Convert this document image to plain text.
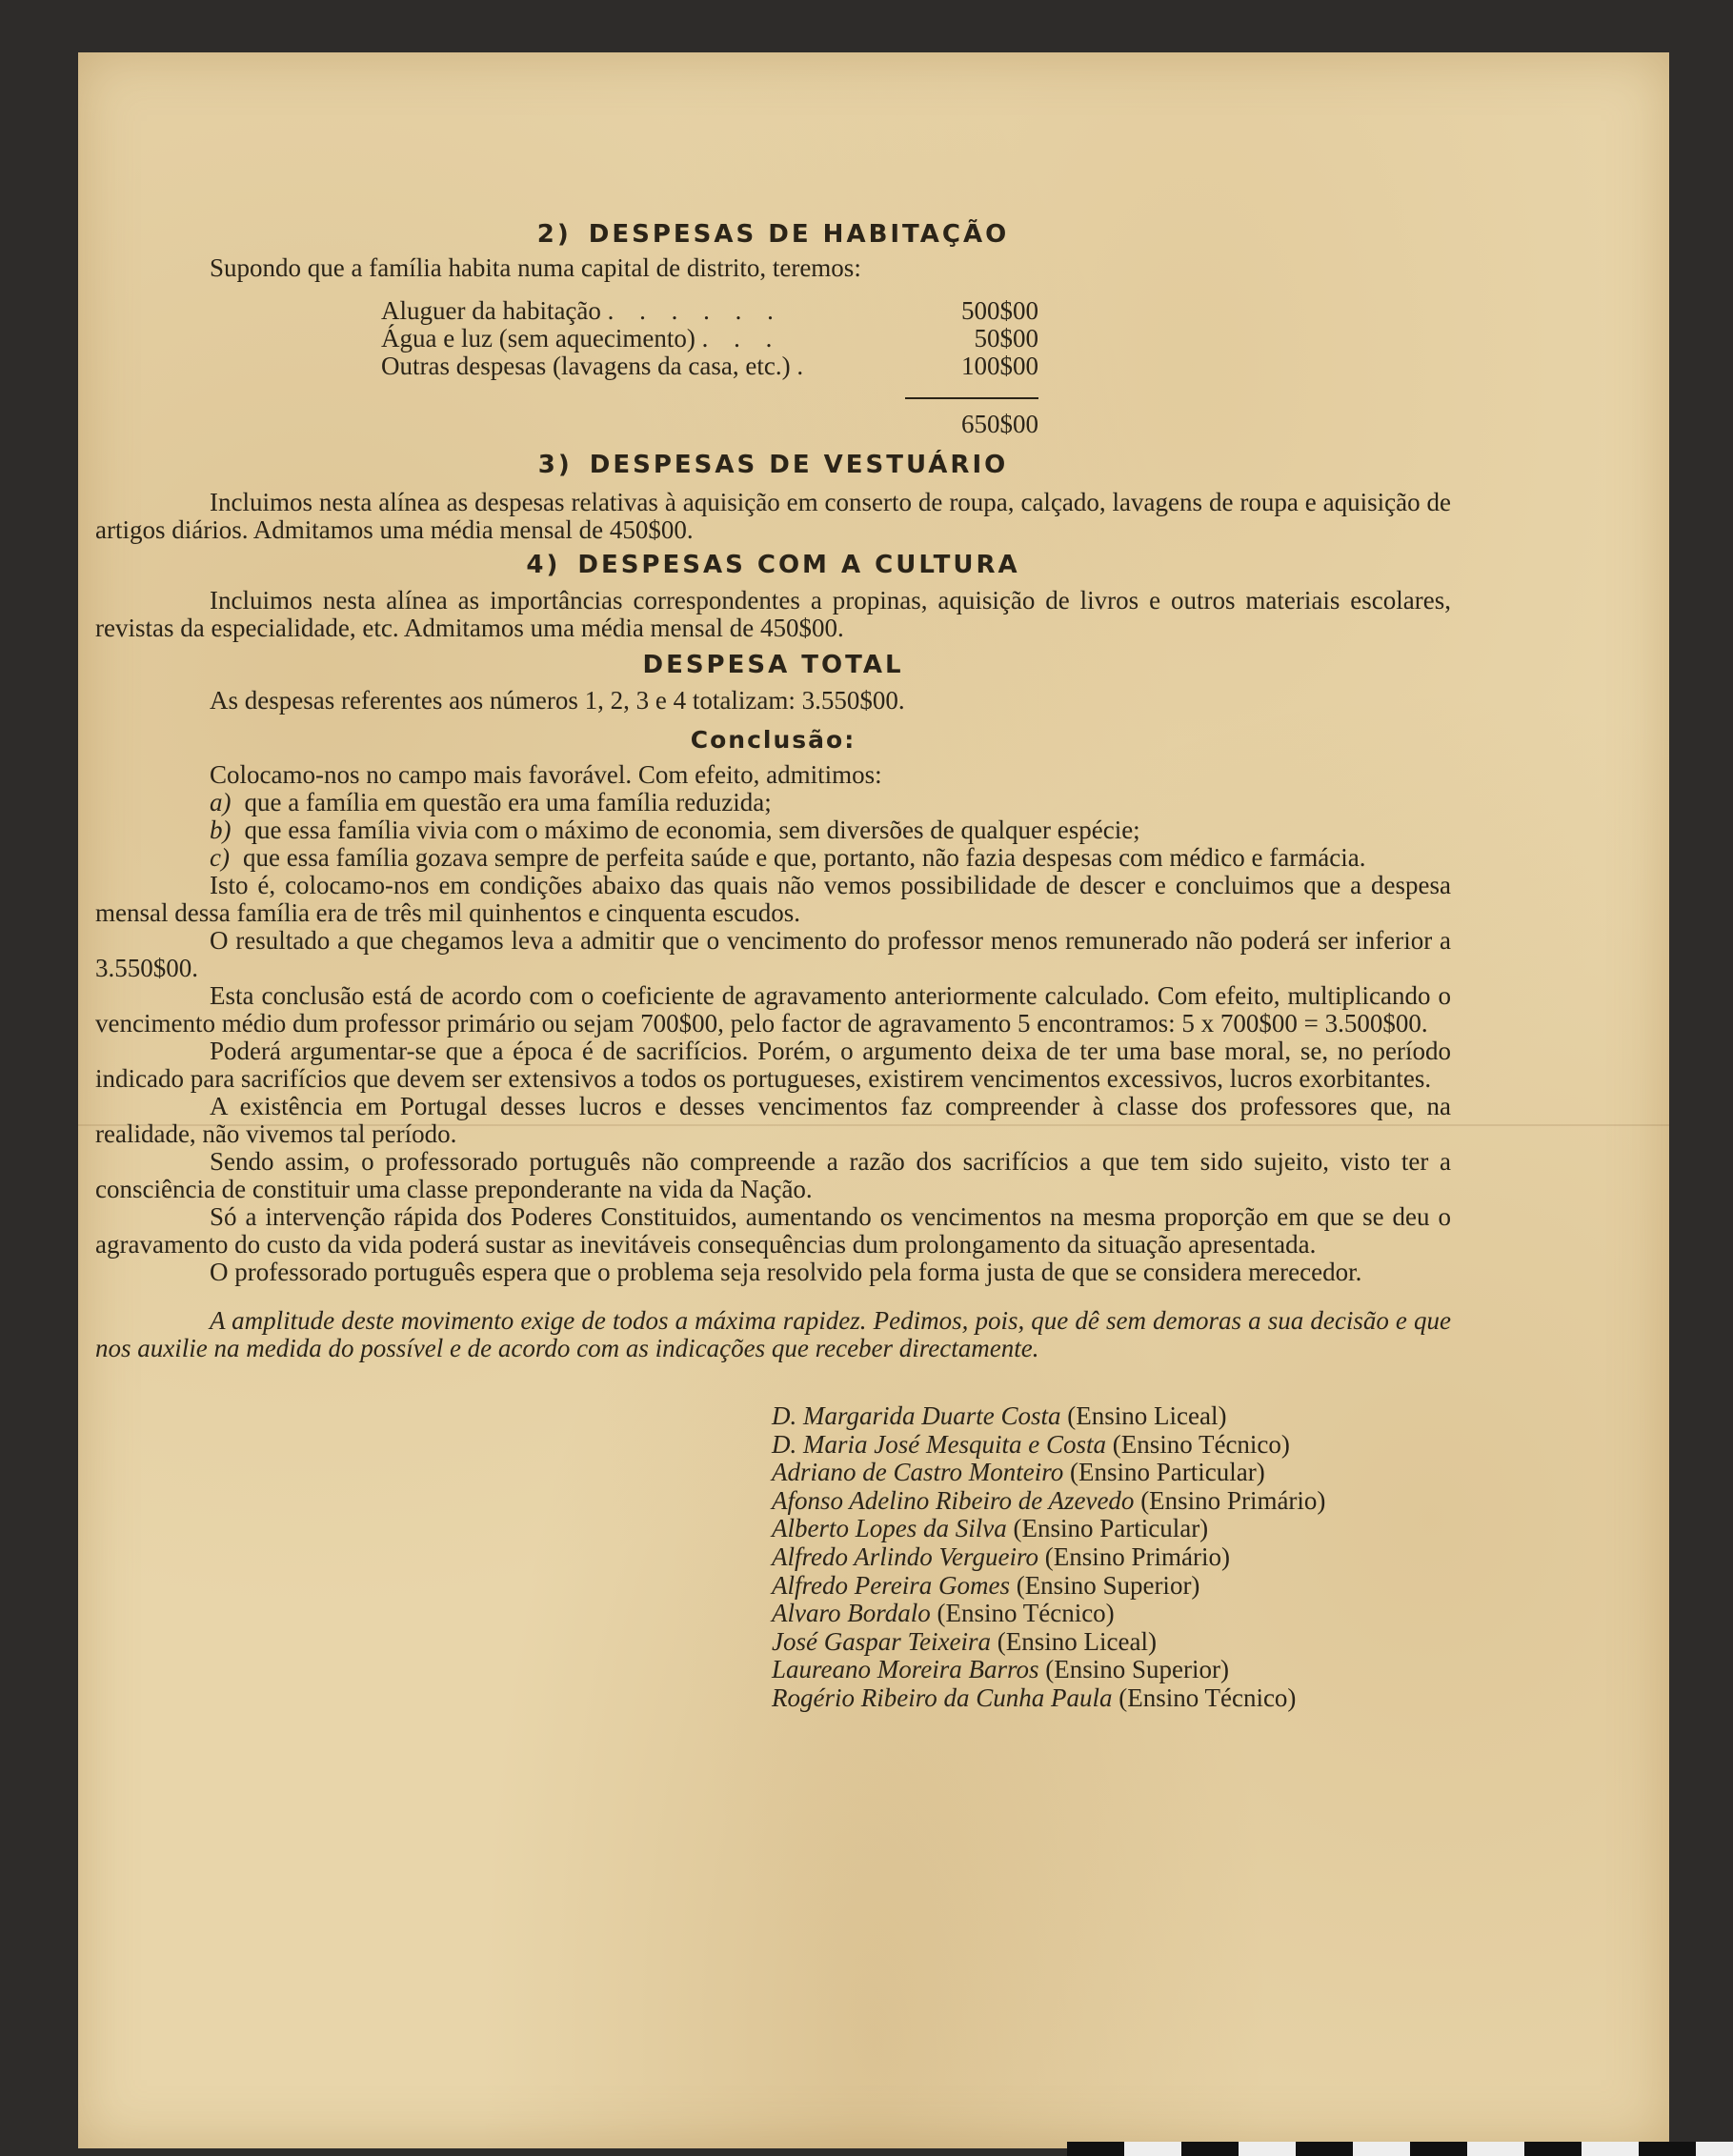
2) DESPESAS DE HABITAÇÃO

Supondo que a família habita numa capital de distrito, teremos:

Aluguer da habitação . . . . . .	500$00
Água e luz (sem aquecimento) . . .	50$00
Outras despesas (lavagens da casa, etc.) .	100$00
650$00
3) DESPESAS DE VESTUÁRIO

Incluimos nesta alínea as despesas relativas à aquisição em conserto de roupa, calçado, lavagens de roupa e aquisição de artigos diários. Admitamos uma média mensal de 450$00.

4) DESPESAS COM A CULTURA

Incluimos nesta alínea as importâncias correspondentes a propinas, aquisição de livros e outros materiais escolares, revistas da especialidade, etc. Admitamos uma média mensal de 450$00.

DESPESA TOTAL

As despesas referentes aos números 1, 2, 3 e 4 totalizam: 3.550$00.

Conclusão:

Colocamo-nos no campo mais favorável. Com efeito, admitimos:

a) que a família em questão era uma família reduzida;
b) que essa família vivia com o máximo de economia, sem diversões de qualquer espécie;

c) que essa família gozava sempre de perfeita saúde e que, portanto, não fazia despesas com médico e farmácia.

Isto é, colocamo-nos em condições abaixo das quais não vemos possibilidade de descer e concluimos que a despesa mensal dessa família era de três mil quinhentos e cinquenta escudos.

O resultado a que chegamos leva a admitir que o vencimento do professor menos remunerado não poderá ser inferior a 3.550$00.

Esta conclusão está de acordo com o coeficiente de agravamento anteriormente calculado. Com efeito, multiplicando o vencimento médio dum professor primário ou sejam 700$00, pelo factor de agravamento 5 encontramos: 5 x 700$00 = 3.500$00.

Poderá argumentar-se que a época é de sacrifícios. Porém, o argumento deixa de ter uma base moral, se, no período indicado para sacrifícios que devem ser extensivos a todos os portugueses, existirem vencimentos excessivos, lucros exorbitantes.

A existência em Portugal desses lucros e desses vencimentos faz compreender à classe dos professores que, na realidade, não vivemos tal período.

Sendo assim, o professorado português não compreende a razão dos sacrifícios a que tem sido sujeito, visto ter a consciência de constituir uma classe preponderante na vida da Nação.

Só a intervenção rápida dos Poderes Constituidos, aumentando os vencimentos na mesma proporção em que se deu o agravamento do custo da vida poderá sustar as inevitáveis consequências dum prolongamento da situação apresentada.

O professorado português espera que o problema seja resolvido pela forma justa de que se considera merecedor.

A amplitude deste movimento exige de todos a máxima rapidez. Pedimos, pois, que dê sem demoras a sua decisão e que nos auxilie na medida do possível e de acordo com as indicações que receber directamente.

D. Margarida Duarte Costa (Ensino Liceal)
D. Maria José Mesquita e Costa (Ensino Técnico)
Adriano de Castro Monteiro (Ensino Particular)
Afonso Adelino Ribeiro de Azevedo (Ensino Primário)
Alberto Lopes da Silva (Ensino Particular)
Alfredo Arlindo Vergueiro (Ensino Primário)
Alfredo Pereira Gomes (Ensino Superior)
Alvaro Bordalo (Ensino Técnico)
José Gaspar Teixeira (Ensino Liceal)
Laureano Moreira Barros (Ensino Superior)
Rogério Ribeiro da Cunha Paula (Ensino Técnico)
